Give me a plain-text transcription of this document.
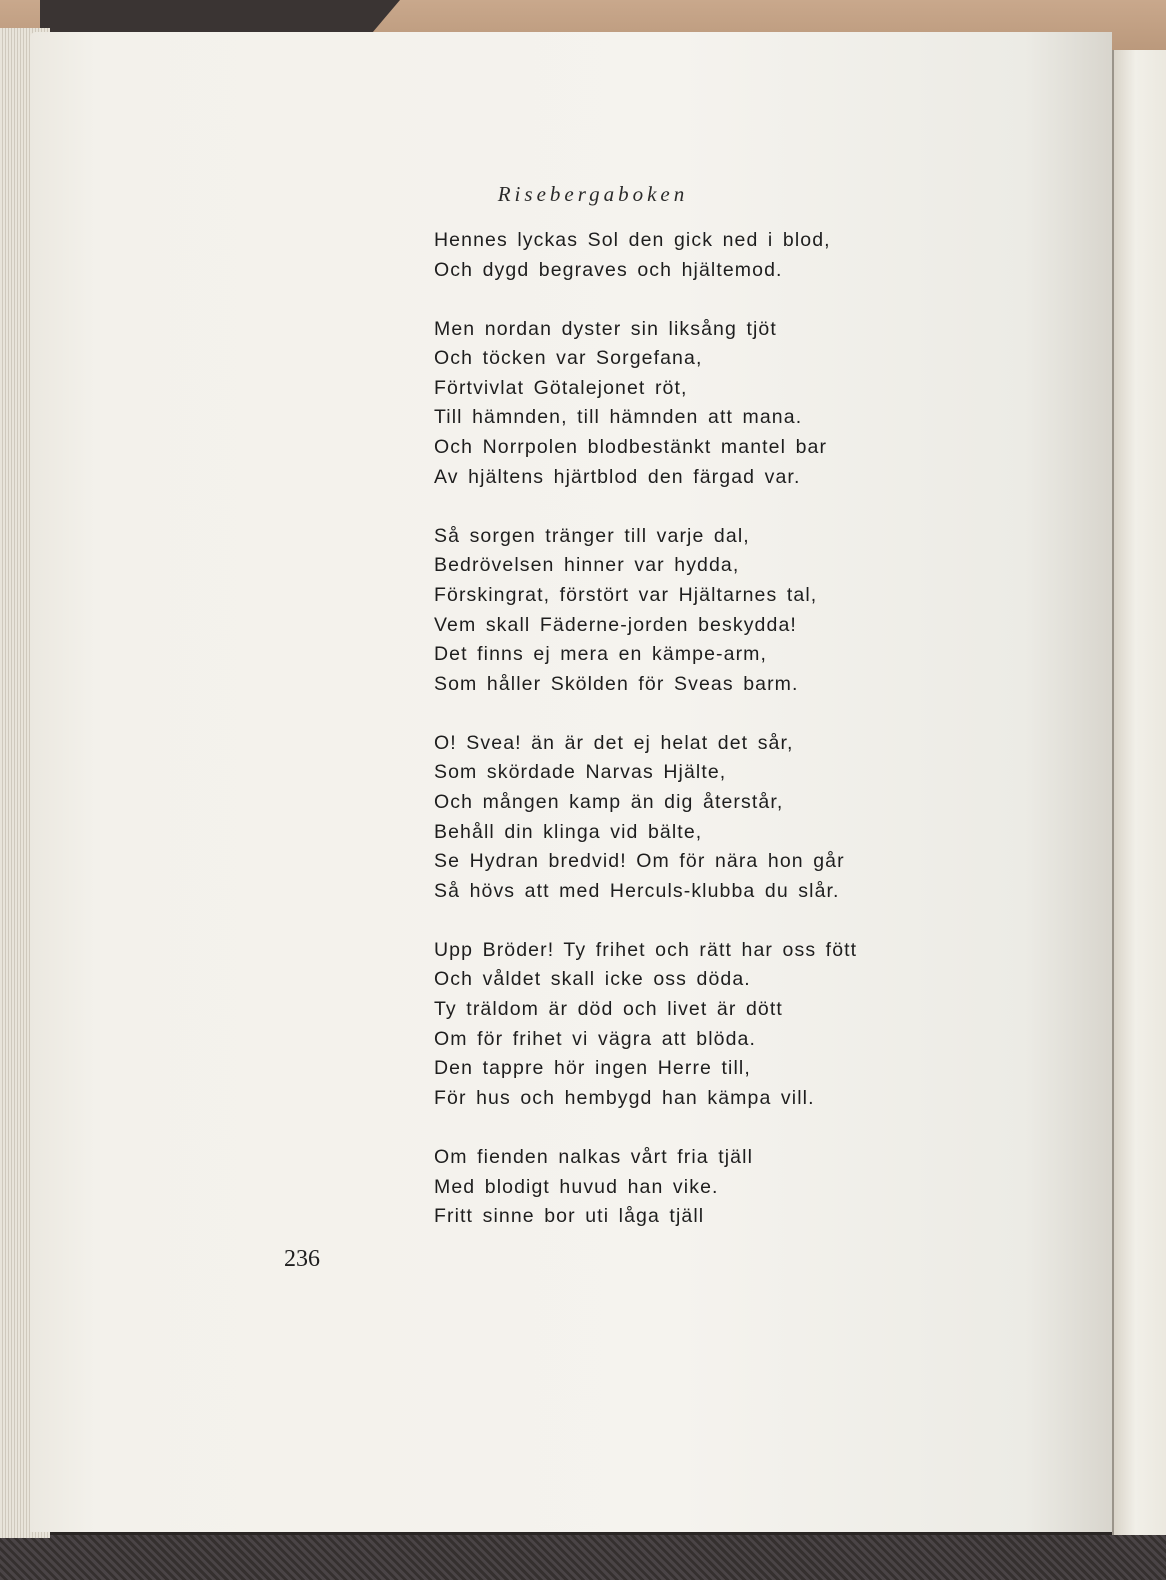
Risebergaboken
Hennes lyckas Sol den gick ned i blod,
Och dygd begraves och hjältemod.
Men nordan dyster sin liksång tjöt
Och töcken var Sorgefana,
Förtvivlat Götalejonet röt,
Till hämnden, till hämnden att mana.
Och Norrpolen blodbestänkt mantel bar
Av hjältens hjärtblod den färgad var.
Så sorgen tränger till varje dal,
Bedrövelsen hinner var hydda,
Förskingrat, förstört var Hjältarnes tal,
Vem skall Fäderne-jorden beskydda!
Det finns ej mera en kämpe-arm,
Som håller Skölden för Sveas barm.
O! Svea! än är det ej helat det sår,
Som skördade Narvas Hjälte,
Och mången kamp än dig återstår,
Behåll din klinga vid bälte,
Se Hydran bredvid! Om för nära hon går
Så hövs att med Herculs-klubba du slår.
Upp Bröder! Ty frihet och rätt har oss fött
Och våldet skall icke oss döda.
Ty träldom är död och livet är dött
Om för frihet vi vägra att blöda.
Den tappre hör ingen Herre till,
För hus och hembygd han kämpa vill.
Om fienden nalkas vårt fria tjäll
Med blodigt huvud han vike.
Fritt sinne bor uti låga tjäll
236
